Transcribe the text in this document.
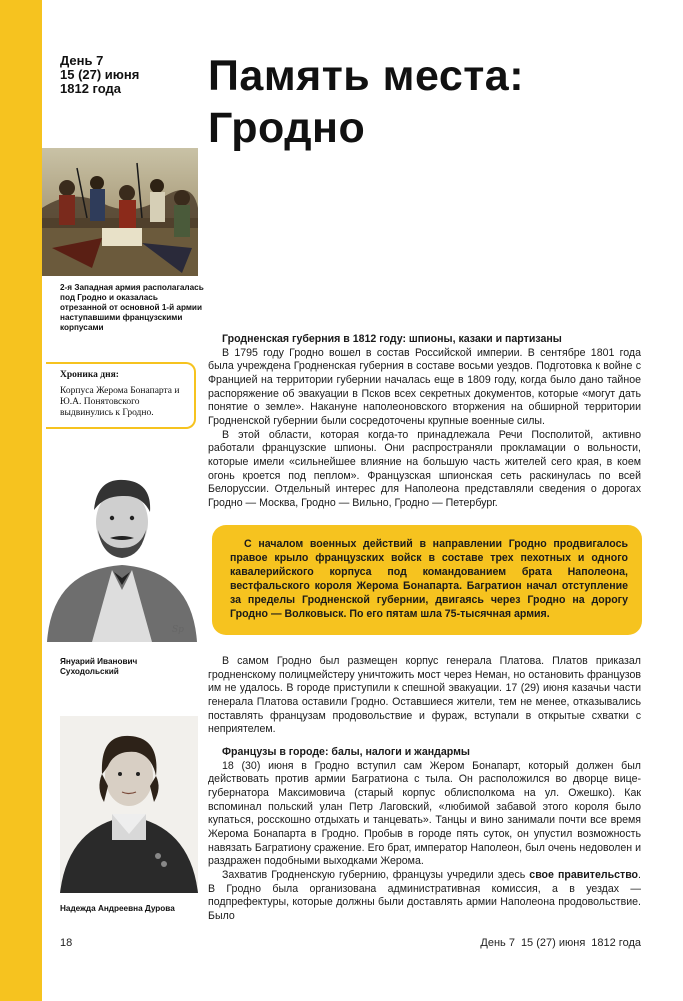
День 7
15 (27) июня
1812 года	Память места:
Гродно
2-я Западная армия располагалась под Гродно и оказалась отрезанной от основной 1-й армии наступавшими французскими корпусами
Хроника дня:
Корпуса Жерома Бонапарта и Ю.А. Понятовского выдвинулись к Гродно.
Sp
Януарий Иванович Суходольский
Надежда Андреевна Дурова

Гродненская губерния в 1812 году: шпионы, казаки и партизаны

В 1795 году Гродно вошел в состав Российской империи. В сентябре 1801 года была учреждена Гродненская губерния в составе восьми уездов. Подготовка к войне с Францией на территории губернии началась еще в 1809 году, когда было дано тайное распоряжение об эвакуации в Псков всех секретных документов, которые «могут дать понятие о земле». Накануне наполеоновского вторжения на обширной территории Гродненской губернии были сосредоточены крупные военные силы.

В этой области, которая когда-то принадлежала Речи Посполитой, активно работали французские шпионы. Они распространяли прокламации о вольности, которые имели «сильнейшее влияние на большую часть жителей сего края, в коем огонь кроется под пеплом». Французская шпионская сеть раскинулась по всей Белоруссии. Отдельный интерес для Наполеона представляли сведения о дорогах Гродно — Москва, Гродно — Вильно, Гродно — Петербург.

С началом военных действий в направлении Гродно продвигалось правое крыло французских войск в составе трех пехотных и одного кавалерийского корпуса под командованием брата Наполеона, вестфальского короля Жерома Бонапарта. Багратион начал отступление за пределы Гродненской губернии, двигаясь через Гродно на дорогу Гродно — Волковыск. По его пятам шла 75-тысячная армия.

В самом Гродно был размещен корпус генерала Платова. Платов приказал гродненскому полицмейстеру уничтожить мост через Неман, но остановить французов им не удалось. В городе приступили к спешной эвакуации. 17 (29) июня казачьи части генерала Платова оставили Гродно. Оставшиеся жители, тем не менее, отказывались поставлять французам продовольствие и фураж, вступали в открытые схватки с неприятелем.

Французы в городе: балы, налоги и жандармы

18 (30) июня в Гродно вступил сам Жером Бонапарт, который должен был действовать против армии Багратиона с тыла. Он расположился во дворце вице-губернатора Максимовича (старый корпус облисполкома на ул. Ожешко). Как вспоминал польский улан Петр Лаговский, «любимой забавой этого короля было купаться, росскошно отдыхать и танцевать». Танцы и вино занимали почти все время Жерома Бонапарта в Гродно. Пробыв в городе пять суток, он упустил возможность навязать Багратиону сражение. Его брат, император Наполеон, был очень недоволен и раздражен подобными выходками Жерома.

Захватив Гродненскую губернию, французы учредили здесь свое правительство. В Гродно была организована административная комиссия, а в уездах — подпрефектуры, которые должны были доставлять армии Наполеона продовольствие. Было

18	День 7 15 (27) июня 1812 года
